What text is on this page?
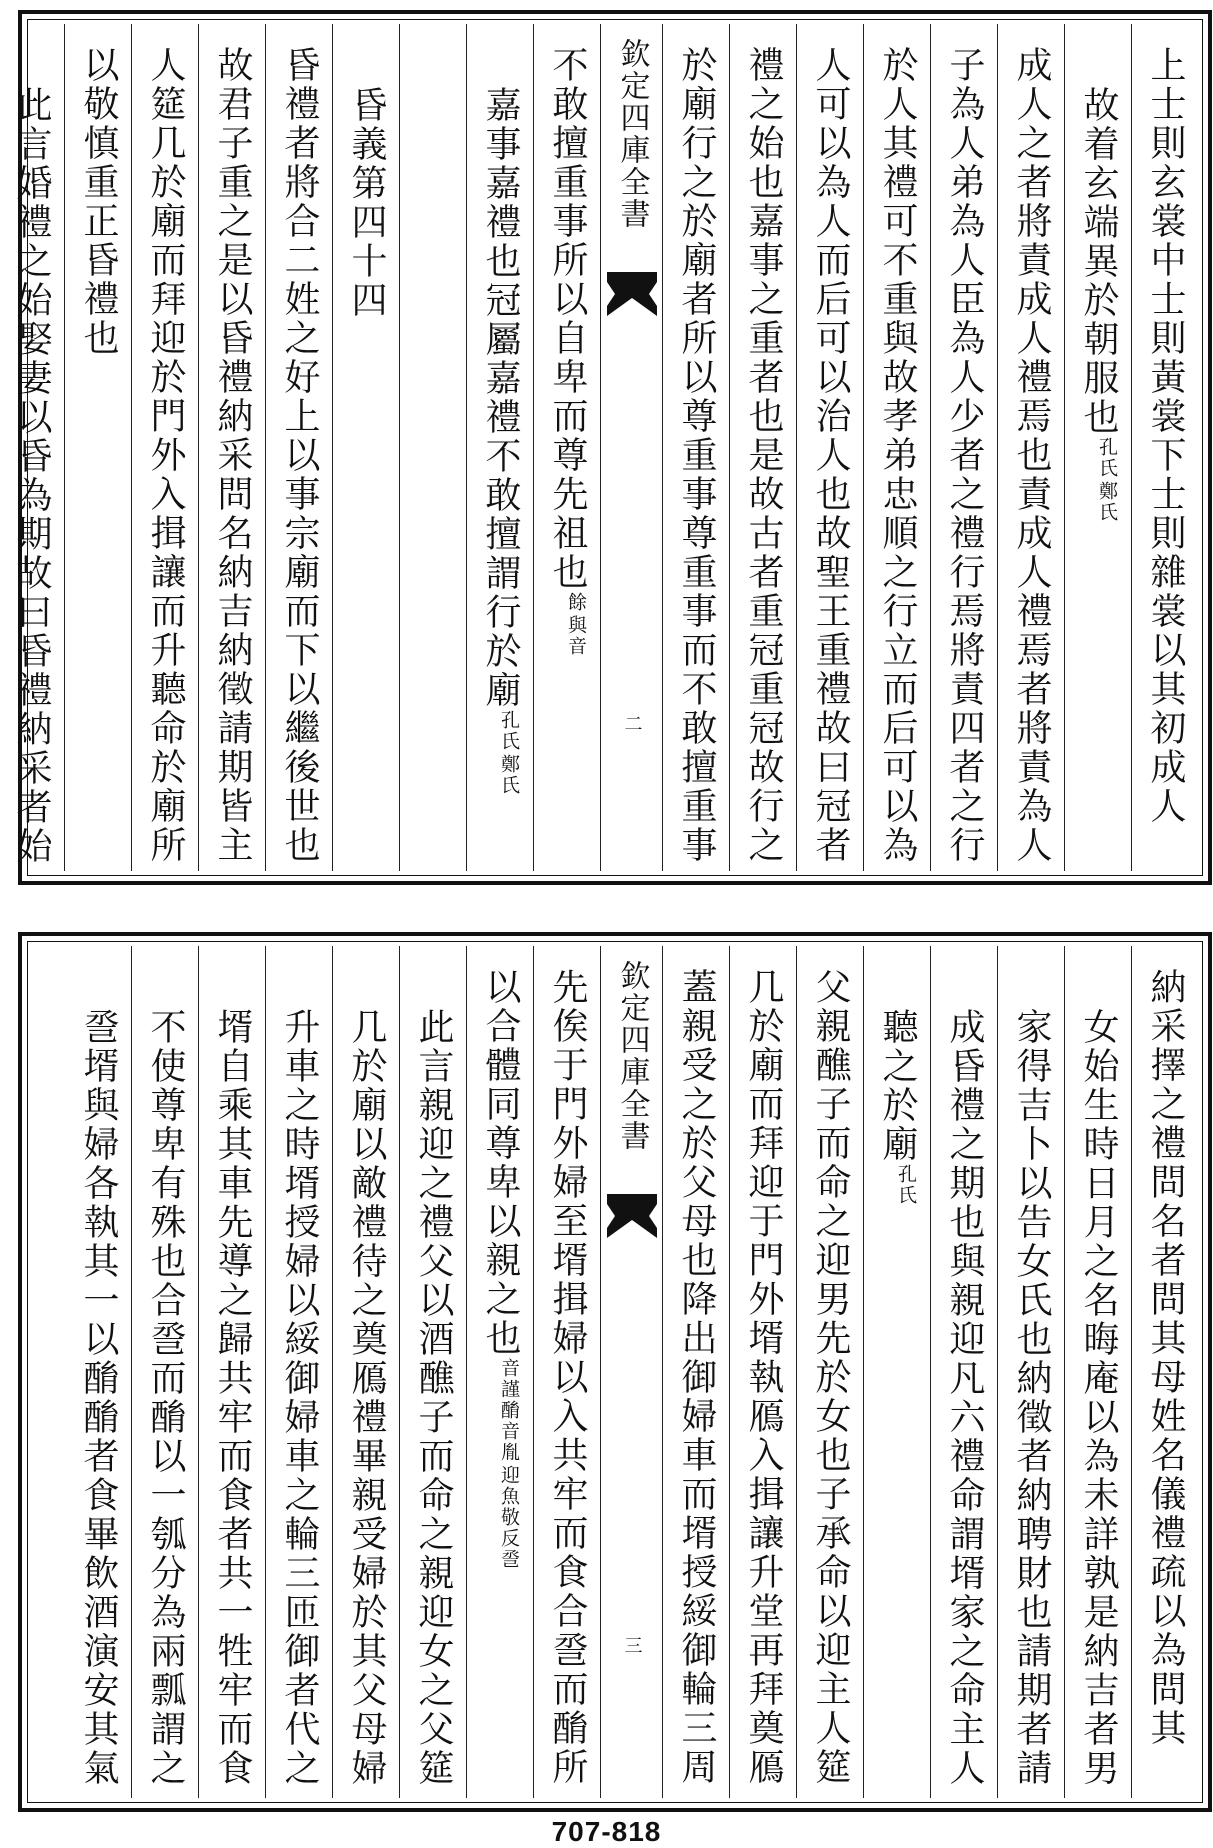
上士則玄裳中士則黃裳下士則雜裳以其初成人
故着玄端異於朝服也
鄭氏
孔氏
成人之者將責成人禮焉也責成人禮焉者將責為人
子為人弟為人臣為人少者之禮行焉將責四者之行
於人其禮可不重與故孝弟忠順之行立而后可以為
人可以為人而后可以治人也故聖王重禮故曰冠者
禮之始也嘉事之重者也是故古者重冠重冠故行之
於廟行之於廟者所以尊重事尊重事而不敢擅重事
欽定四庫全書
二
不敢擅重事所以自卑而尊先祖也
與音
餘
嘉事嘉禮也冠屬嘉禮不敢擅謂行於廟
鄭氏
孔氏
昏義第四十四
昏禮者將合二姓之好上以事宗廟而下以繼後世也
故君子重之是以昏禮納采問名納吉納徵請期皆主
人筵几於廟而拜迎於門外入揖讓而升聽命於廟所
以敬慎重正昏禮也
此言婚禮之始娶妻以昏為期故曰昏禮納采者始
納采擇之禮問名者問其母姓名儀禮疏以為問其
女始生時日月之名晦庵以為未詳孰是納吉者男
家得吉卜以告女氏也納徵者納聘財也請期者請
成昏禮之期也與親迎凡六禮命謂壻家之命主人
聽之於廟
孔氏
父親醮子而命之迎男先於女也子承命以迎主人筵
几於廟而拜迎于門外壻執鴈入揖讓升堂再拜奠鴈
蓋親受之於父母也降出御婦車而壻授綏御輪三周
欽定四庫全書
三
先俟于門外婦至壻揖婦以入共牢而食合巹而酳所
以合體同尊卑以親之也
迎魚敬反巹
音謹酳音胤
此言親迎之禮父以酒醮子而命之親迎女之父筵
几於廟以敵禮待之奠鴈禮畢親受婦於其父母婦
升車之時壻授婦以綏御婦車之輪三匝御者代之
壻自乘其車先導之歸共牢而食者共一牲牢而食
不使尊卑有殊也合巹而酳以一瓠分為兩瓢謂之
巹壻與婦各執其一以酳酳者食畢飲酒演安其氣
707-818
